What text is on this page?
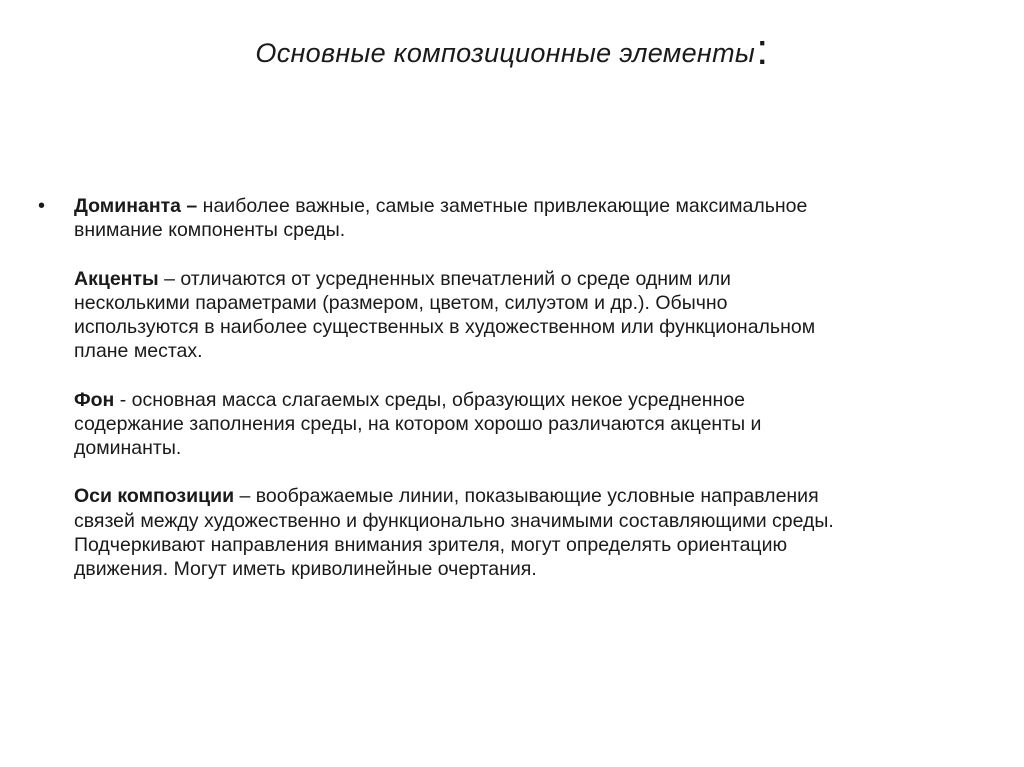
Основные композиционные элементы:
• Доминанта – наиболее важные, самые заметные привлекающие максимальное внимание компоненты среды.

Акценты – отличаются от усредненных впечатлений о среде одним или несколькими параметрами (размером, цветом, силуэтом и др.). Обычно используются в наиболее существенных в художественном или функциональном плане местах.

Фон - основная масса слагаемых среды, образующих некое усредненное содержание заполнения среды, на котором хорошо различаются акценты и доминанты.

Оси композиции – воображаемые линии, показывающие условные направления связей между художественно и функционально значимыми составляющими среды. Подчеркивают направления внимания зрителя, могут определять ориентацию движения. Могут иметь криволинейные очертания.
